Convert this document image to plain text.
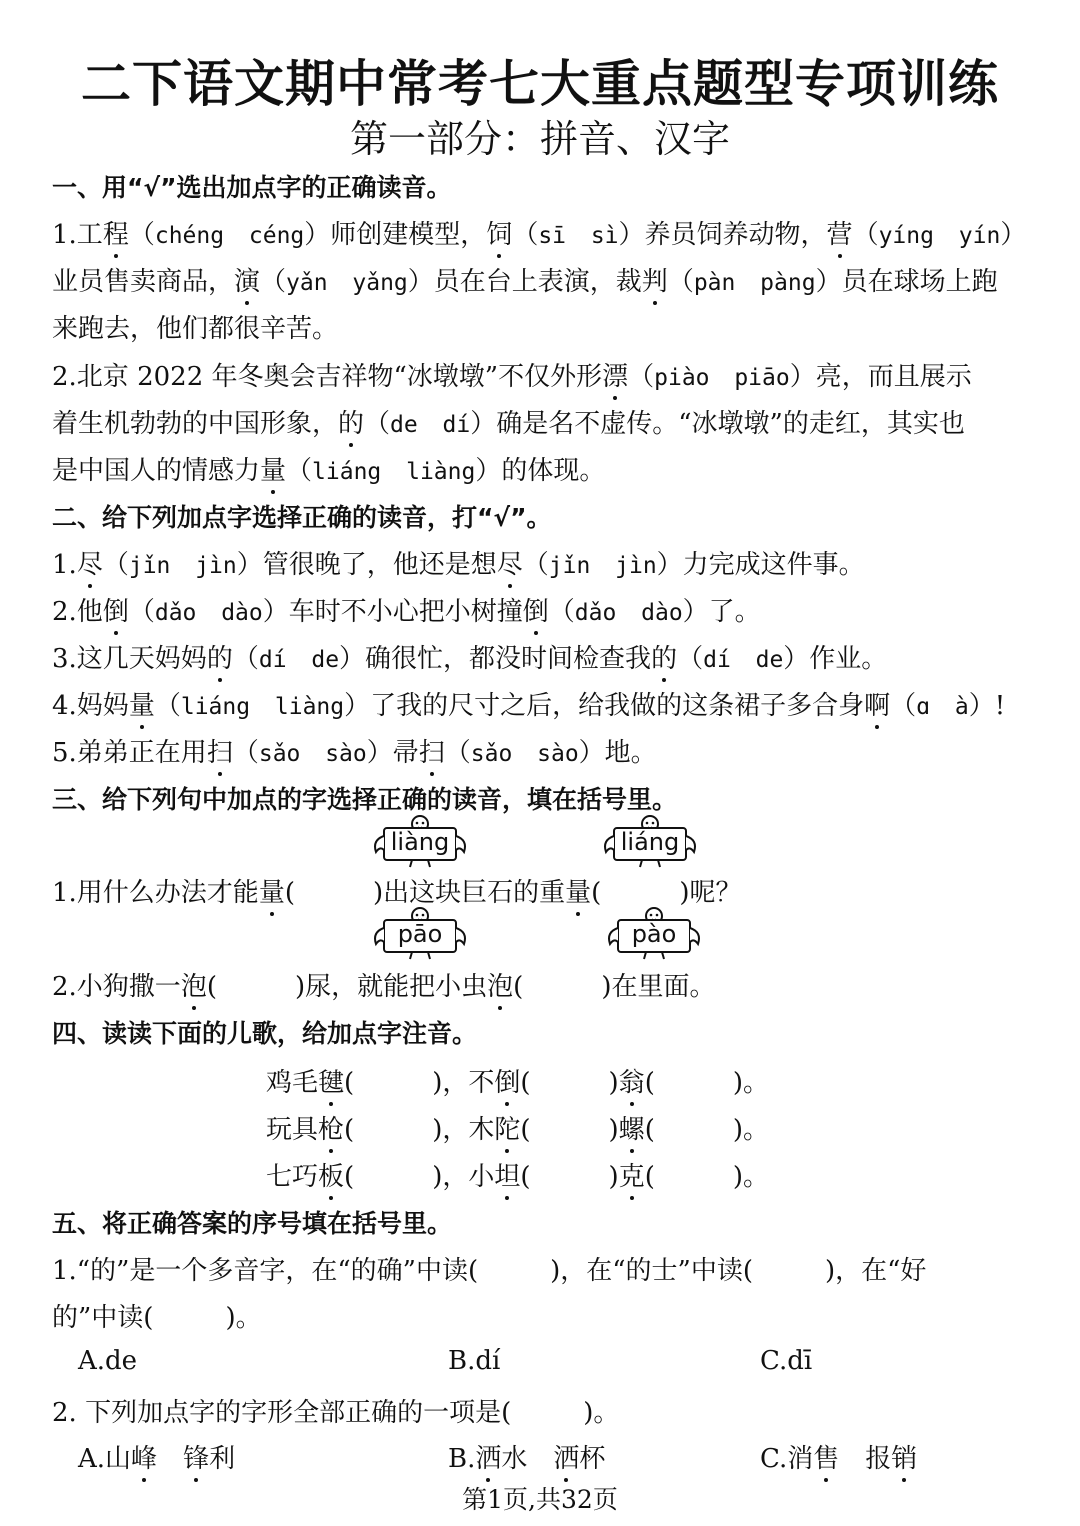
二下语文期中常考七大重点题型专项训练
第一部分：拼音、汉字
一、用“√”选出加点字的正确读音。
1.工程（chéng céng）师创建模型，饲（sī sì）养员饲养动物，营（yíng yín）
业员售卖商品，演（yǎn yǎng）员在台上表演，裁判（pàn pàng）员在球场上跑
来跑去，他们都很辛苦。
2.北京 2022 年冬奥会吉祥物“冰墩墩”不仅外形漂（piào piāo）亮，而且展示
着生机勃勃的中国形象，的（de dí）确是名不虚传。“冰墩墩”的走红，其实也
是中国人的情感力量（liáng liàng）的体现。
二、给下列加点字选择正确的读音，打“√”。
1.尽（jǐn jìn）管很晚了，他还是想尽（jǐn jìn）力完成这件事。
2.他倒（dǎo dào）车时不小心把小树撞倒（dǎo dào）了。
3.这几天妈妈的（dí de）确很忙，都没时间检查我的（dí de）作业。
4.妈妈量（liáng liàng）了我的尺寸之后，给我做的这条裙子多合身啊（ɑ à）!
5.弟弟正在用扫（sǎo sào）帚扫（sǎo sào）地。
三、给下列句中加点的字选择正确的读音，填在括号里。
liàng	liáng
1.用什么办法才能量(	)出这块巨石的重量(	)呢？
pāo	pào
2.小狗撒一泡(	)尿，就能把小虫泡(	)在里面。
四、读读下面的儿歌，给加点字注音。
鸡毛毽(	)，不倒(	)翁(	)。
玩具枪(	)，木陀(	)螺(	)。
七巧板(	)，小坦(	)克(	)。
五、将正确答案的序号填在括号里。
1.“的”是一个多音字，在“的确”中读(	)，在“的士”中读(	)，在“好
的”中读(	)。
A.de	B.dí	C.dī
2. 下列加点字的字形全部正确的一项是(	)。
A.山峰　 锋利	B.洒水　洒杯	C.消售　报销
第1页,共32页
